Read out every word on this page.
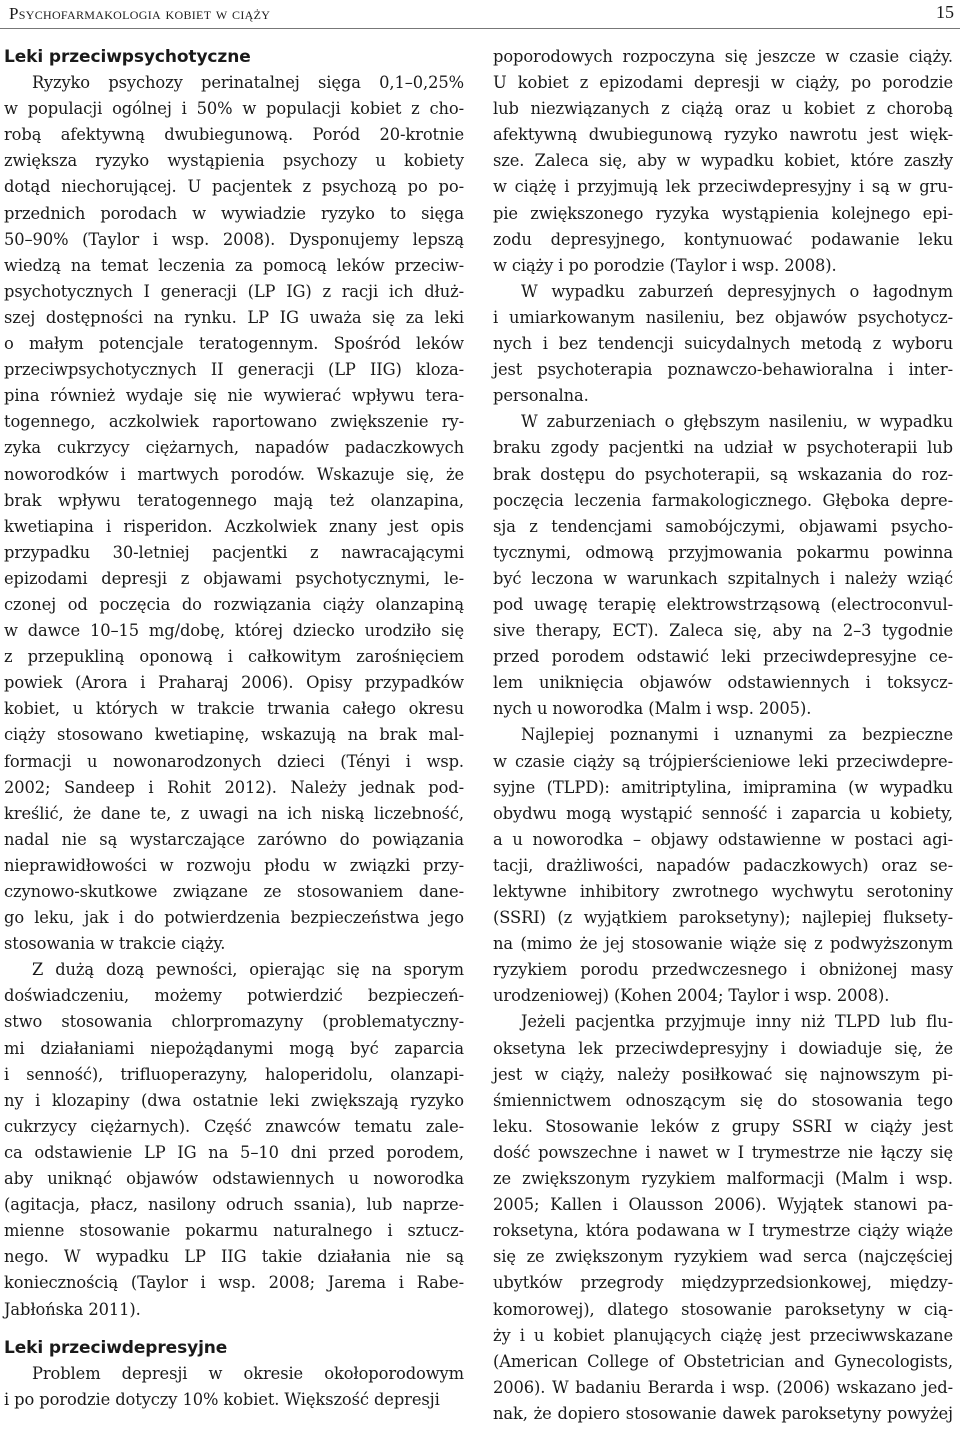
Psychofarmakologia kobiet w ciąży	15
Leki przeciwpsychotyczne
Ryzyko psychozy perinatalnej sięga 0,1–0,25%
w populacji ogólnej i 50% w populacji kobiet z cho-
robą afektywną dwubiegunową. Poród 20-krotnie
zwiększa ryzyko wystąpienia psychozy u kobiety
dotąd niechorującej. U pacjentek z psychozą po po-
przednich porodach w wywiadzie ryzyko to sięga
50–90% (Taylor i wsp. 2008). Dysponujemy lepszą
wiedzą na temat leczenia za pomocą leków przeciw-
psychotycznych I generacji (LP IG) z racji ich dłuż-
szej dostępności na rynku. LP IG uważa się za leki
o małym potencjale teratogennym. Spośród leków
przeciwpsychotycznych II generacji (LP IIG) klozа-
pina również wydaje się nie wywierać wpływu tera-
togennego, aczkolwiek raportowano zwiększenie ry-
zyka cukrzycy ciężarnych, napadów padaczkowych
noworodków i martwych porodów. Wskazuje się, że
brak wpływu teratogennego mają też olanzapina,
kwetiapina i risperidon. Aczkolwiek znany jest opis
przypadku 30-letniej pacjentki z nawracającymi
epizodami depresji z objawami psychotycznymi, le-
czonej od poczęcia do rozwiązania ciąży olanzapiną
w dawce 10–15 mg/dobę, której dziecko urodziło się
z przepukliną oponową i całkowitym zarośnięciem
powiek (Arora i Praharaj 2006). Opisy przypadków
kobiet, u których w trakcie trwania całego okresu
ciąży stosowano kwetiapinę, wskazują na brak mal-
formacji u nowonarodzonych dzieci (Tényi i wsp.
2002; Sandeep i Rohit 2012). Należy jednak pod-
kreślić, że dane te, z uwagi na ich niską liczebność,
nadal nie są wystarczające zarówno do powiązania
nieprawidłowości w rozwoju płodu w związki przy-
czynowo-skutkowe związane ze stosowaniem dane-
go leku, jak i do potwierdzenia bezpieczeństwa jego
stosowania w trakcie ciąży.
Z dużą dozą pewności, opierając się na sporym
doświadczeniu, możemy potwierdzić bezpieczeń-
stwo stosowania chlorpromazyny (problematyczny-
mi działaniami niepożądanymi mogą być zaparcia
i senność), trifluoperazyny, haloperidolu, olanzapi-
ny i klozapiny (dwa ostatnie leki zwiększają ryzyko
cukrzycy ciężarnych). Część znawców tematu zale-
ca odstawienie LP IG na 5–10 dni przed porodem,
aby uniknąć objawów odstawiennych u noworodka
(agitacja, płacz, nasilony odruch ssania), lub naprze-
mienne stosowanie pokarmu naturalnego i sztucz-
nego. W wypadku LP IIG takie działania nie są
koniecznością (Taylor i wsp. 2008; Jarema i Rabe-
Jabłońska 2011).
Leki przeciwdepresyjne
Problem depresji w okresie okołoporodowym
i po porodzie dotyczy 10% kobiet. Większość depresji
poporodowych rozpoczyna się jeszcze w czasie ciąży.
U kobiet z epizodami depresji w ciąży, po porodzie
lub niezwiązanych z ciążą oraz u kobiet z chorobą
afektywną dwubiegunową ryzyko nawrotu jest więk-
sze. Zaleca się, aby w wypadku kobiet, które zaszły
w ciążę i przyjmują lek przeciwdepresyjny i są w gru-
pie zwiększonego ryzyka wystąpienia kolejnego epi-
zodu depresyjnego, kontynuować podawanie leku
w ciąży i po porodzie (Taylor i wsp. 2008).
W wypadku zaburzeń depresyjnych o łagodnym
i umiarkowanym nasileniu, bez objawów psychotycz-
nych i bez tendencji suicydalnych metodą z wyboru
jest psychoterapia poznawczo-behawioralna i inter-
personalna.
W zaburzeniach o głębszym nasileniu, w wypadku
braku zgody pacjentki na udział w psychoterapii lub
brak dostępu do psychoterapii, są wskazania do roz-
poczęcia leczenia farmakologicznego. Głęboka depre-
sja z tendencjami samobójczymi, objawami psycho-
tycznymi, odmową przyjmowania pokarmu powinna
być leczona w warunkach szpitalnych i należy wziąć
pod uwagę terapię elektrowstrząsową (electroconvul-
sive therapy, ECT). Zaleca się, aby na 2–3 tygodnie
przed porodem odstawić leki przeciwdepresyjne ce-
lem uniknięcia objawów odstawiennych i toksycz-
nych u noworodka (Malm i wsp. 2005).
Najlepiej poznanymi i uznanymi za bezpieczne
w czasie ciąży są trójpierścieniowe leki przeciwdepre-
syjne (TLPD): amitriptylina, imipramina (w wypadku
obydwu mogą wystąpić senność i zaparcia u kobiety,
a u noworodka – objawy odstawienne w postaci agi-
tacji, drażliwości, napadów padaczkowych) oraz se-
lektywne inhibitory zwrotnego wychwytu serotoniny
(SSRI) (z wyjątkiem paroksetyny); najlepiej fluksety-
na (mimo że jej stosowanie wiąże się z podwyższonym
ryzykiem porodu przedwczesnego i obniżonej masy
urodzeniowej) (Kohen 2004; Taylor i wsp. 2008).
Jeżeli pacjentka przyjmuje inny niż TLPD lub flu-
oksetyna lek przeciwdepresyjny i dowiaduje się, że
jest w ciąży, należy posiłkować się najnowszym pi-
śmiennictwem odnoszącym się do stosowania tego
leku. Stosowanie leków z grupy SSRI w ciąży jest
dość powszechne i nawet w I trymestrze nie łączy się
ze zwiększonym ryzykiem malformacji (Malm i wsp.
2005; Kallen i Olausson 2006). Wyjątek stanowi pa-
roksetyna, która podawana w I trymestrze ciąży wiąże
się ze zwiększonym ryzykiem wad serca (najczęściej
ubytków przegrody międzyprzedsionkowej, między-
komorowej), dlatego stosowanie paroksetyny w cią-
ży i u kobiet planujących ciążę jest przeciwwskazane
(American College of Obstetrician and Gynecologists,
2006). W badaniu Berarda i wsp. (2006) wskazano jed-
nak, że dopiero stosowanie dawek paroksetyny powyżej
